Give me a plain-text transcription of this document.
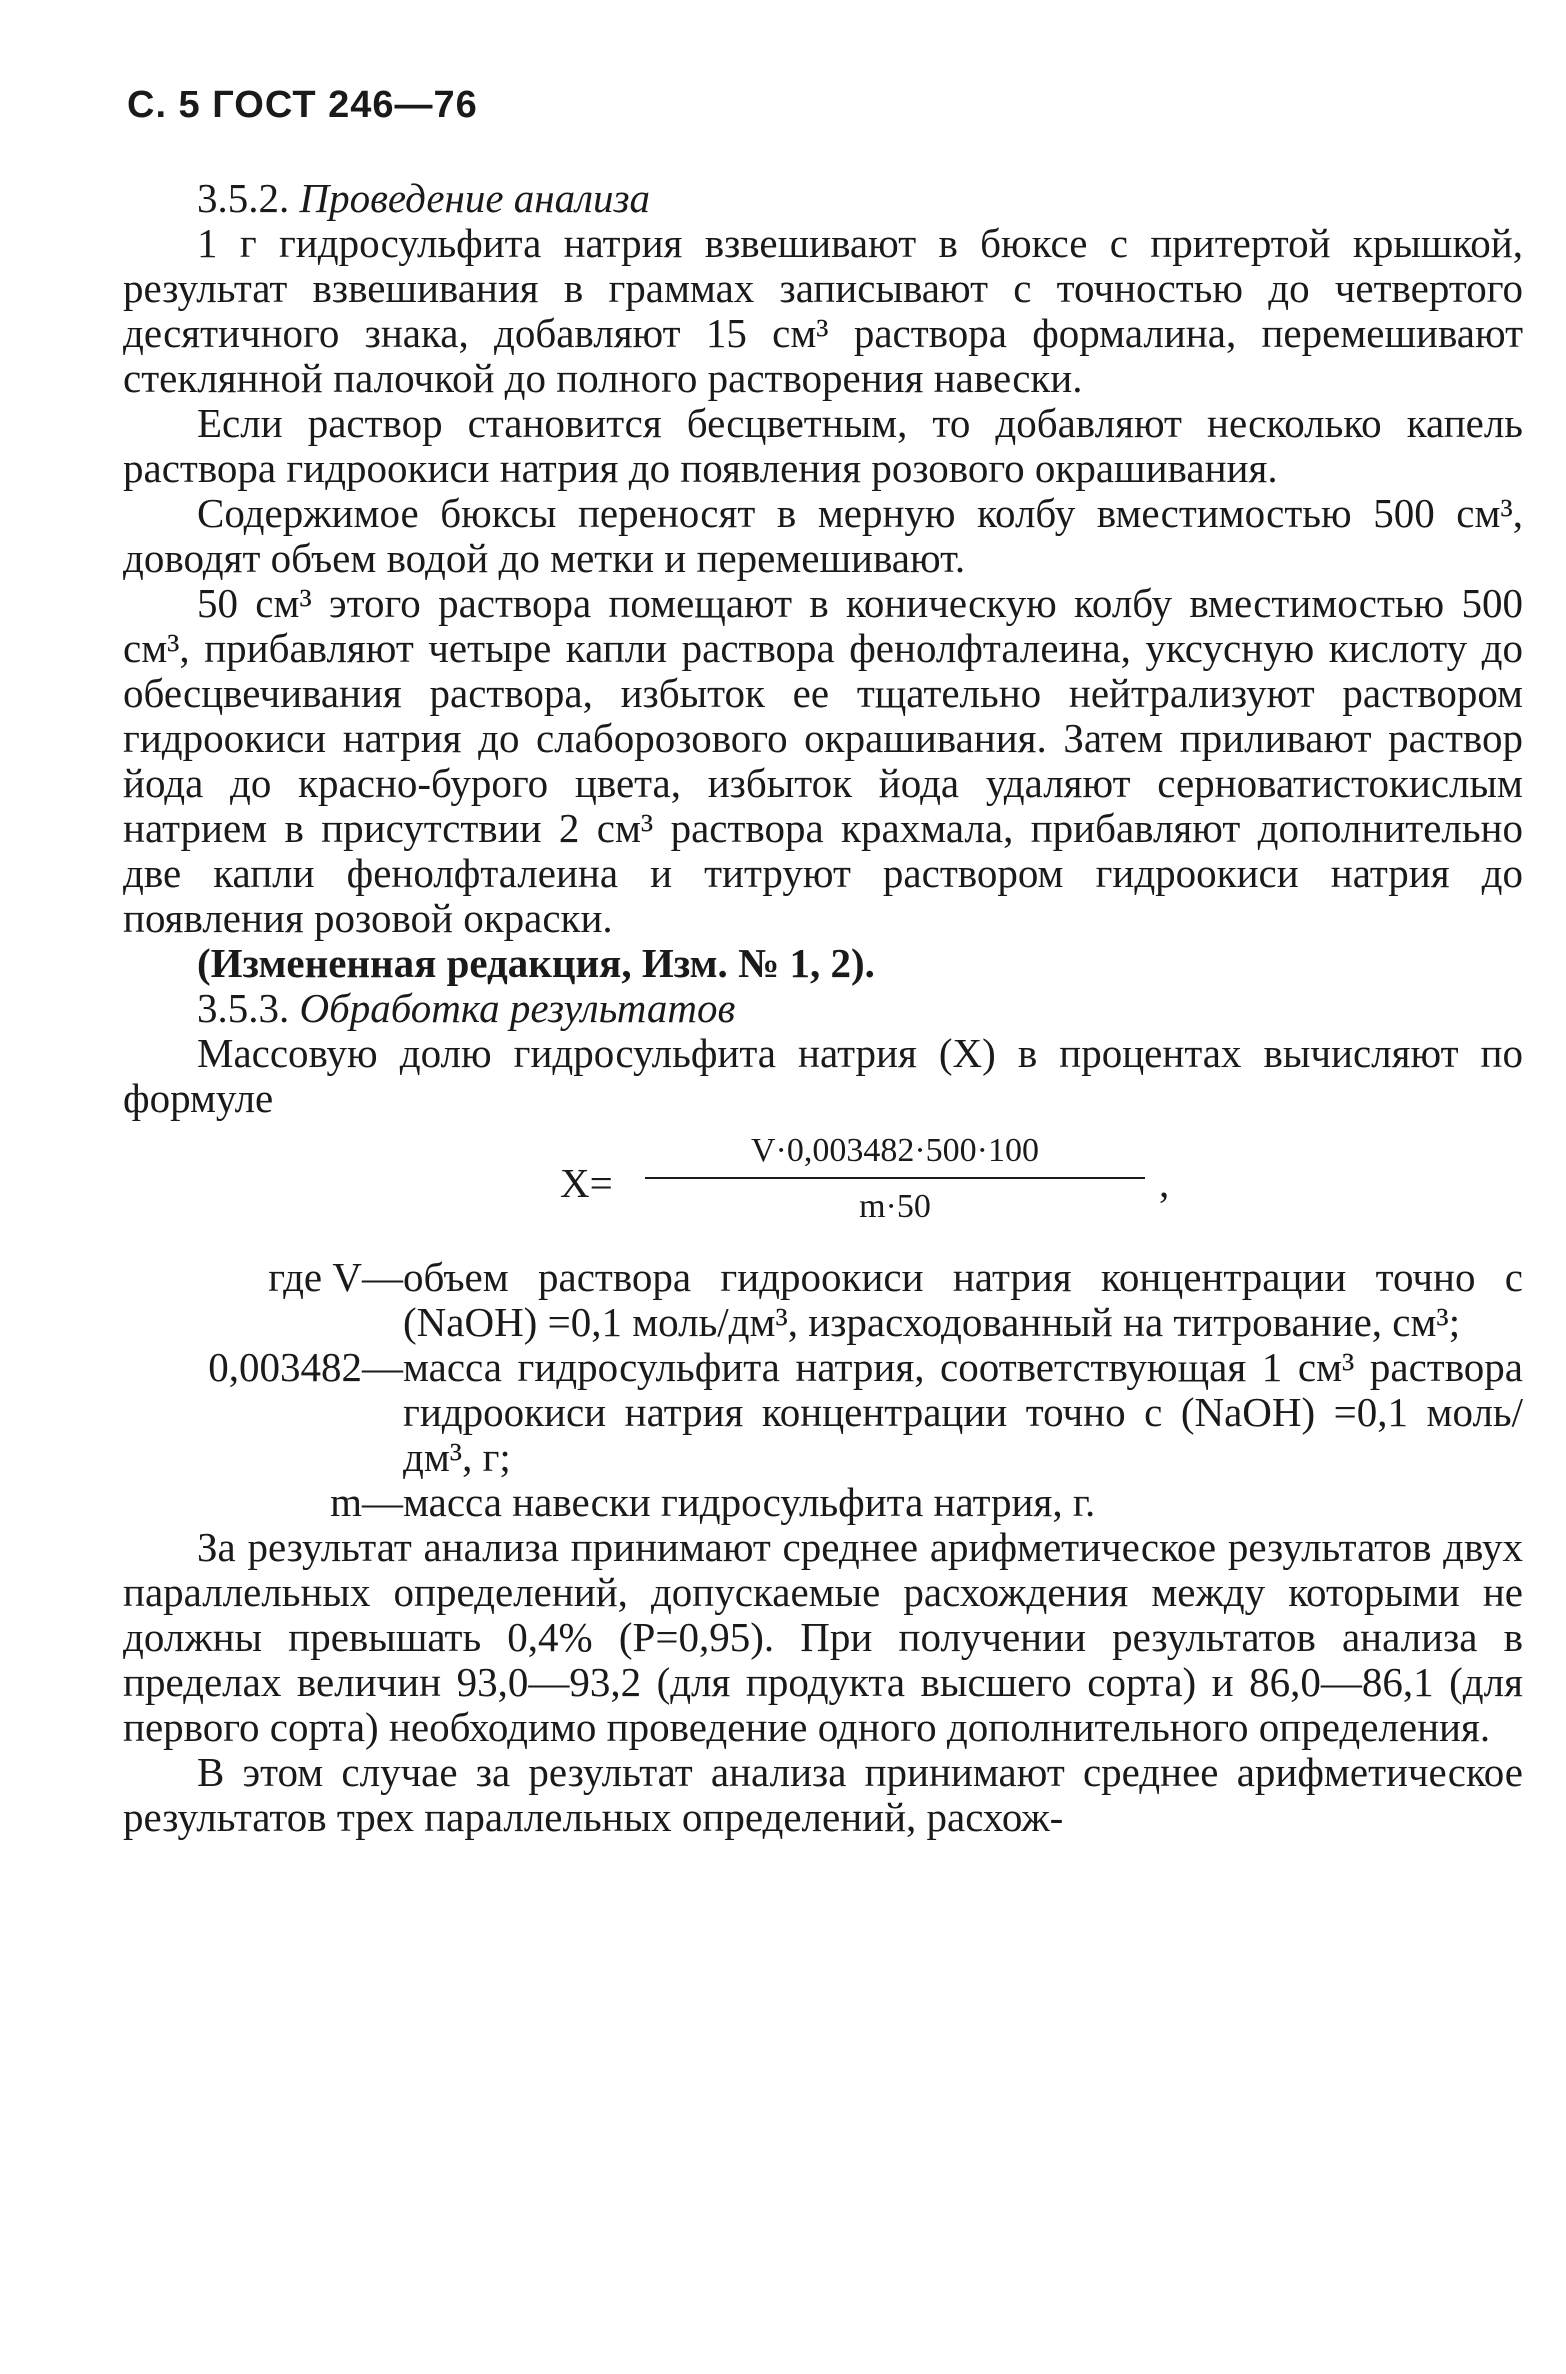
С. 5 ГОСТ 246—76

3.5.2. Проведение анализа

1 г гидросульфита натрия взвешивают в бюксе с притертой крышкой, результат взвешивания в граммах записывают с точностью до четвертого десятичного знака, добавляют 15 см³ раствора формалина, перемешивают стеклянной палочкой до полного растворения навески.

Если раствор становится бесцветным, то добавляют несколько капель раствора гидроокиси натрия до появления розового окрашивания.

Содержимое бюксы переносят в мерную колбу вместимостью 500 см³, доводят объем водой до метки и перемешивают.

50 см³ этого раствора помещают в коническую колбу вместимостью 500 см³, прибавляют четыре капли раствора фенолфталеина, уксусную кислоту до обесцвечивания раствора, избыток ее тщательно нейтрализуют раствором гидроокиси натрия до слаборозового окрашивания. Затем приливают раствор йода до красно-бурого цвета, избыток йода удаляют серноватистокислым натрием в присутствии 2 см³ раствора крахмала, прибавляют дополнительно две капли фенолфталеина и титруют раствором гидроокиси натрия до появления розовой окраски.

(Измененная редакция, Изм. № 1, 2).

3.5.3. Обработка результатов

Массовую долю гидросульфита натрия (X) в процентах вычисляют по формуле

X=
V·0,003482·500·100
m·50
,
где V— объем раствора гидроокиси натрия концентрации точно c (NaOH) =0,1 моль/дм³, израсходованный на титрование, см³;
0,003482— масса гидросульфита натрия, соответствующая 1 см³ раствора гидроокиси натрия концентрации точно c (NaOH) =0,1 моль/дм³, г;
m— масса навески гидросульфита натрия, г.

За результат анализа принимают среднее арифметическое результатов двух параллельных определений, допускаемые расхождения между которыми не должны превышать 0,4% (P=0,95). При получении результатов анализа в пределах величин 93,0—93,2 (для продукта высшего сорта) и 86,0—86,1 (для первого сорта) необходимо проведение одного дополнительного определения.

В этом случае за результат анализа принимают среднее арифметическое результатов трех параллельных определений, расхож-
